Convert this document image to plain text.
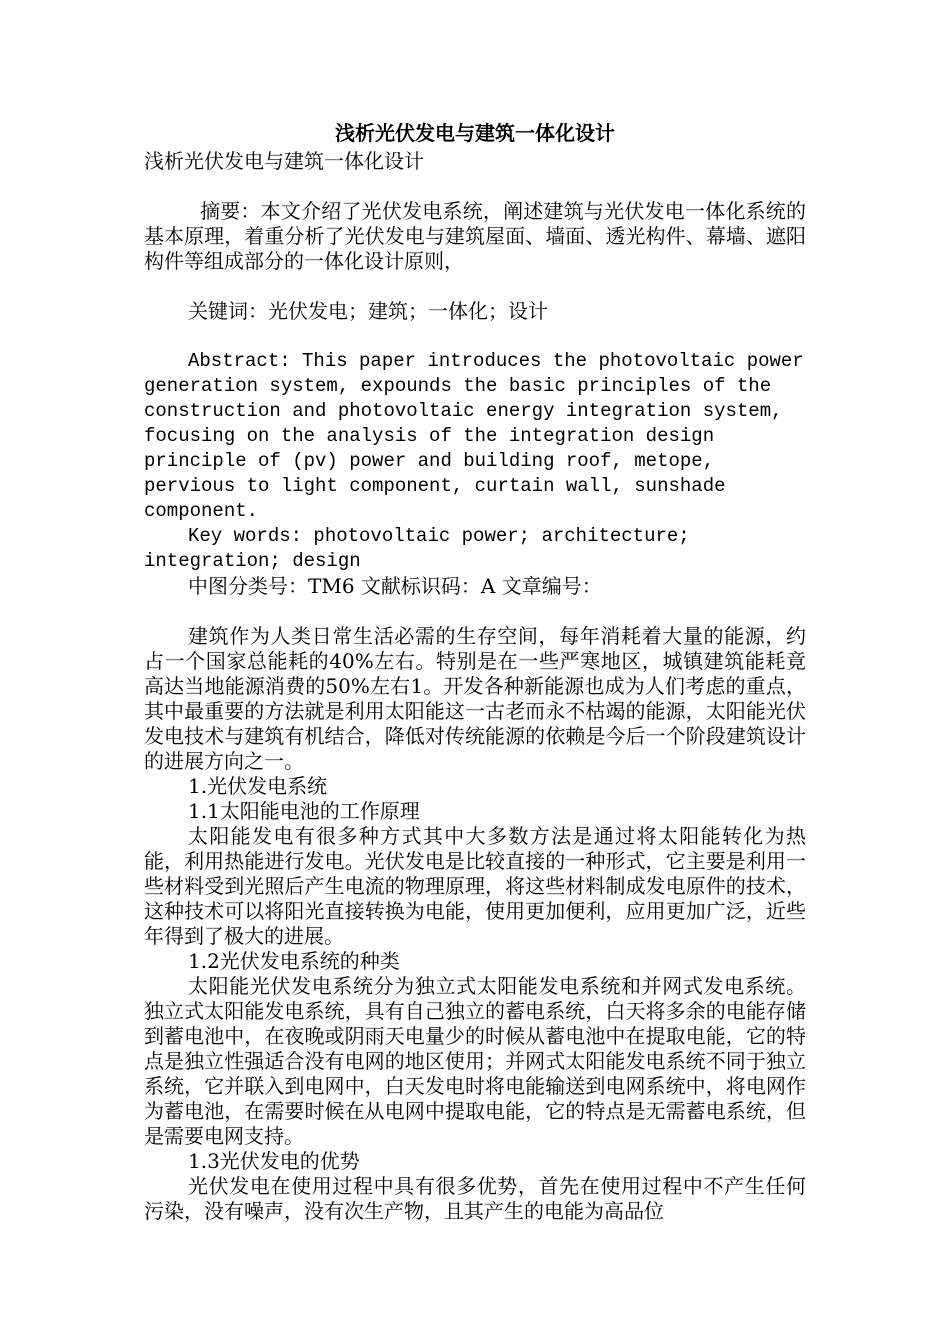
浅析光伏发电与建筑一体化设计

浅析光伏发电与建筑一体化设计

摘要：本文介绍了光伏发电系统，阐述建筑与光伏发电一体化系统的基本原理，着重分析了光伏发电与建筑屋面、墙面、透光构件、幕墙、遮阳构件等组成部分的一体化设计原则，

关键词：光伏发电；建筑；一体化；设计

Abstract: This paper introduces the photovoltaic power generation system, expounds the basic principles of the construction and photovoltaic energy integration system, focusing on the analysis of the integration design principle of (pv) power and building roof, metope, pervious to light component, curtain wall, sunshade component.

Key words: photovoltaic power; architecture; integration; design

中图分类号：TM6 文献标识码：A 文章编号：

建筑作为人类日常生活必需的生存空间，每年消耗着大量的能源，约占一个国家总能耗的40%左右。特别是在一些严寒地区，城镇建筑能耗竟高达当地能源消费的50%左右1。开发各种新能源也成为人们考虑的重点，其中最重要的方法就是利用太阳能这一古老而永不枯竭的能源，太阳能光伏发电技术与建筑有机结合，降低对传统能源的依赖是今后一个阶段建筑设计的进展方向之一。

1.光伏发电系统

1.1太阳能电池的工作原理

太阳能发电有很多种方式其中大多数方法是通过将太阳能转化为热能，利用热能进行发电。光伏发电是比较直接的一种形式，它主要是利用一些材料受到光照后产生电流的物理原理，将这些材料制成发电原件的技术，这种技术可以将阳光直接转换为电能，使用更加便利，应用更加广泛，近些年得到了极大的进展。

1.2光伏发电系统的种类

太阳能光伏发电系统分为独立式太阳能发电系统和并网式发电系统。独立式太阳能发电系统，具有自己独立的蓄电系统，白天将多余的电能存储到蓄电池中，在夜晚或阴雨天电量少的时候从蓄电池中在提取电能，它的特点是独立性强适合没有电网的地区使用；并网式太阳能发电系统不同于独立系统，它并联入到电网中，白天发电时将电能输送到电网系统中，将电网作为蓄电池，在需要时候在从电网中提取电能，它的特点是无需蓄电系统，但是需要电网支持。

1.3光伏发电的优势

光伏发电在使用过程中具有很多优势，首先在使用过程中不产生任何污染，没有噪声，没有次生产物，且其产生的电能为高品位
